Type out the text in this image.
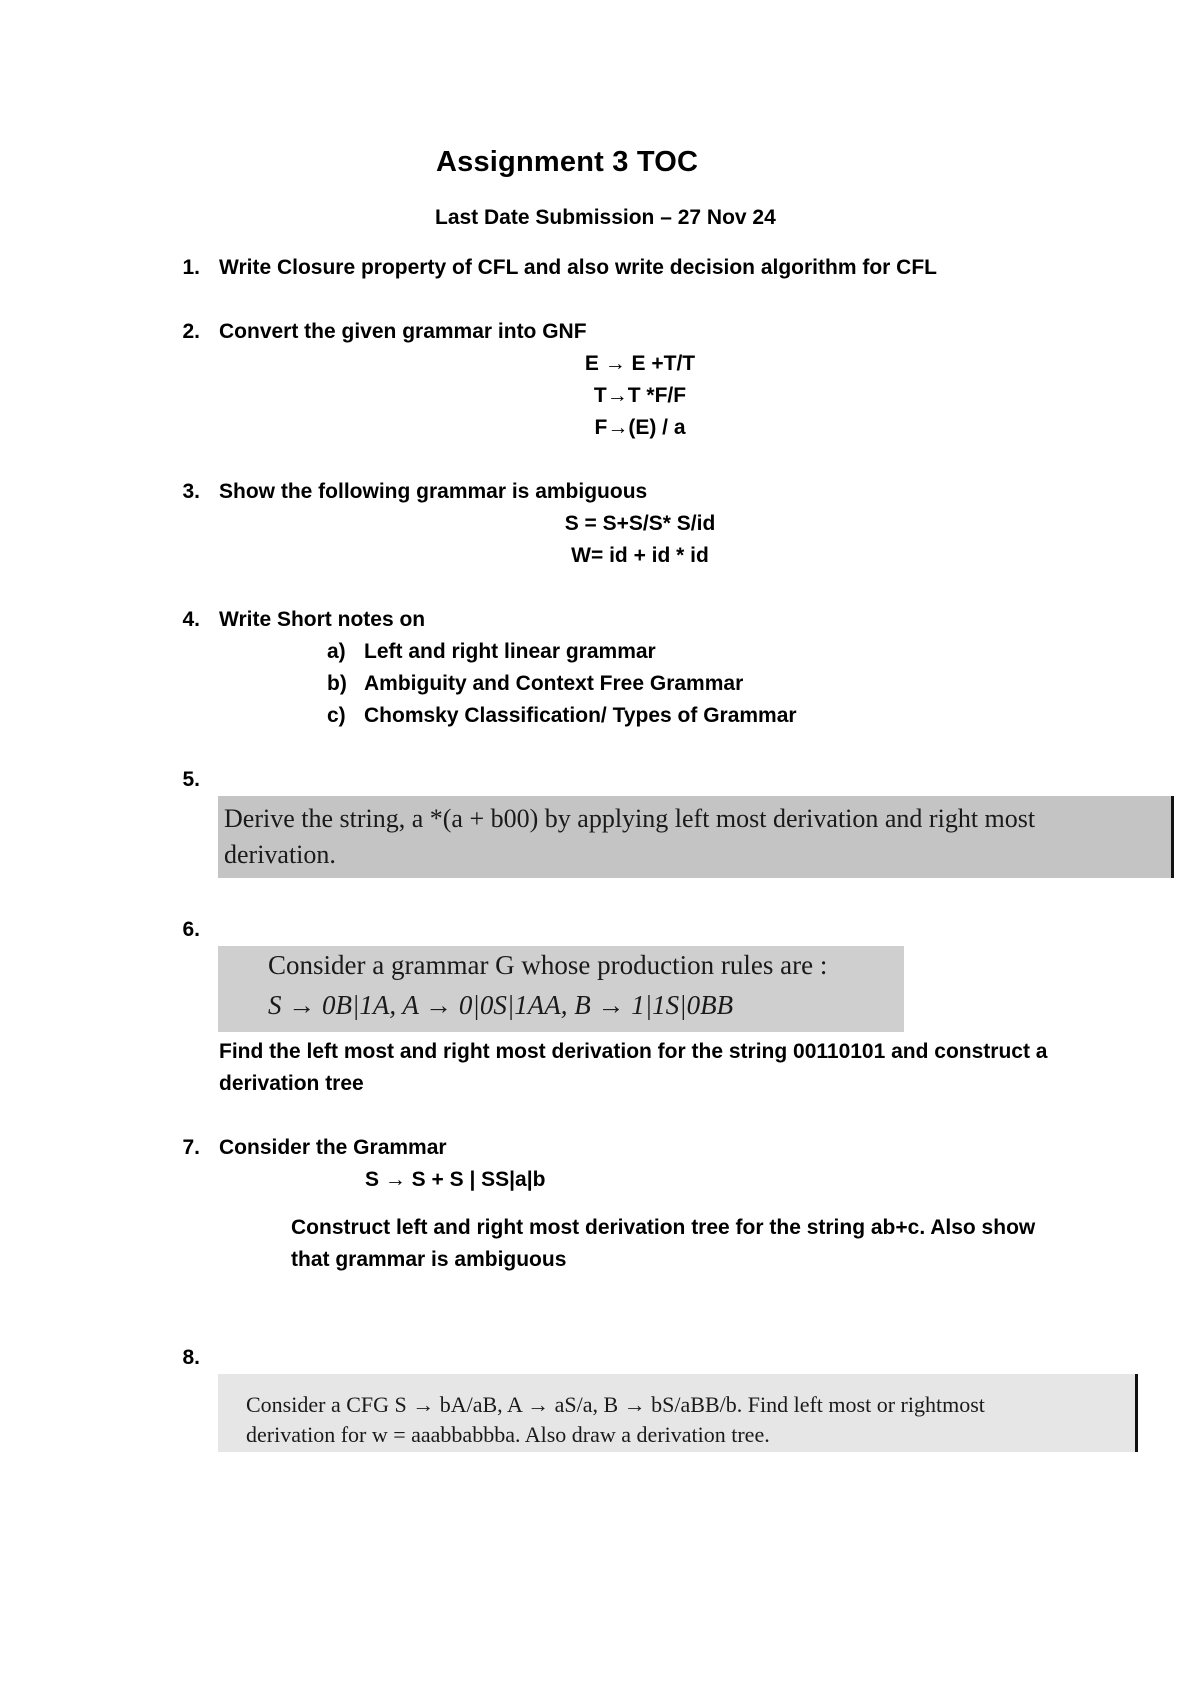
Assignment 3 TOC
Last Date Submission – 27 Nov 24
1. Write Closure property of CFL and also write decision algorithm for CFL
2. Convert the given grammar into GNF
E → E +T/T
T→T *F/F
F→(E) / a
3. Show the following grammar is ambiguous
S = S+S/S* S/id
W= id + id * id
4. Write Short notes on
a) Left and right linear grammar
b) Ambiguity and Context Free Grammar
c) Chomsky Classification/ Types of Grammar
5.
Derive the string, a *(a + b00) by applying left most derivation and right most
derivation.
6.
Consider a grammar G whose production rules are :
S → 0B|1A, A → 0|0S|1AA, B → 1|1S|0BB
Find the left most and right most derivation for the string 00110101 and construct a
derivation tree
7. Consider the Grammar
S → S + S | SS|a|b
Construct left and right most derivation tree for the string ab+c. Also show
that grammar is ambiguous
8.
Consider a CFG S → bA/aB, A → aS/a, B → bS/aBB/b. Find left most or rightmost
derivation for w = aaabbabbba. Also draw a derivation tree.
